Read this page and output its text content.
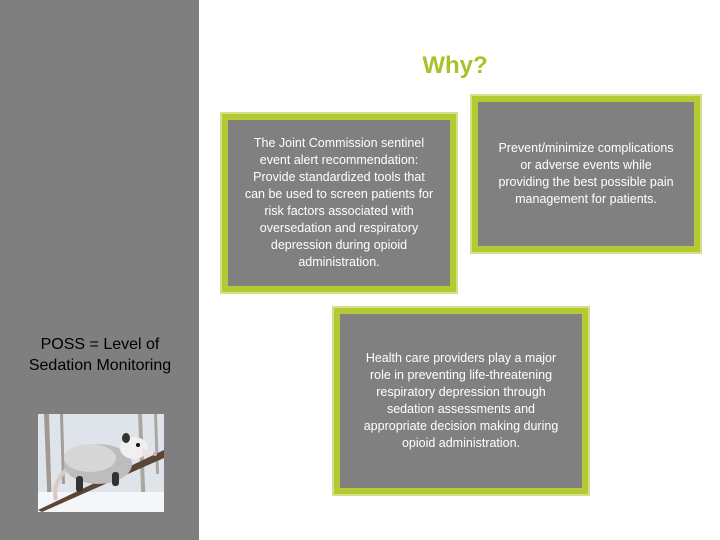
POSS = Level of Sedation Monitoring
Why?
The Joint Commission sentinel event alert recommendation: Provide standardized tools that can be used to screen patients for risk factors associated with oversedation and respiratory depression during opioid administration.
Prevent/minimize complications or adverse events while providing the best possible pain management for patients.
Health care providers play a major role in preventing life-threatening respiratory depression through sedation assessments and appropriate decision making during opioid administration.
